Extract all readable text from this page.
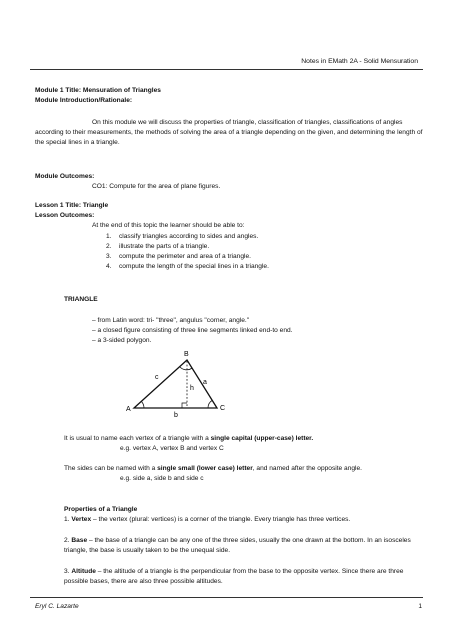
Notes in EMath 2A - Solid Mensuration
Module 1 Title: Mensuration of Triangles
Module Introduction/Rationale:
On this module we will discuss the properties of triangle, classification of triangles, classifications of angles according to their measurements, the methods of solving the area of a triangle depending on the given, and determining the length of the special lines in a triangle.
Module Outcomes:
CO1: Compute for the area of plane figures.
Lesson 1 Title: Triangle
Lesson Outcomes:
At the end of this topic the learner should be able to:
1. classify triangles according to sides and angles.
2. illustrate the parts of a triangle.
3. compute the perimeter and area of a triangle.
4. compute the length of the special lines in a triangle.
TRIANGLE
– from Latin word: tri- "three", angulus "corner, angle."
– a closed figure consisting of three line segments linked end-to end.
– a 3-sided polygon.
A
B
C
c
a
b
h
It is usual to name each vertex of a triangle with a single capital (upper-case) letter.
e.g. vertex A, vertex B and vertex C
The sides can be named with a single small (lower case) letter, and named after the opposite angle.
e.g. side a, side b and side c
Properties of a Triangle
1. Vertex – the vertex (plural: vertices) is a corner of the triangle. Every triangle has three vertices.
2. Base – the base of a triangle can be any one of the three sides, usually the one drawn at the bottom. In an isosceles triangle, the base is usually taken to be the unequal side.
3. Altitude – the altitude of a triangle is the perpendicular from the base to the opposite vertex. Since there are three possible bases, there are also three possible altitudes.
Eryl C. Lazarte	1
